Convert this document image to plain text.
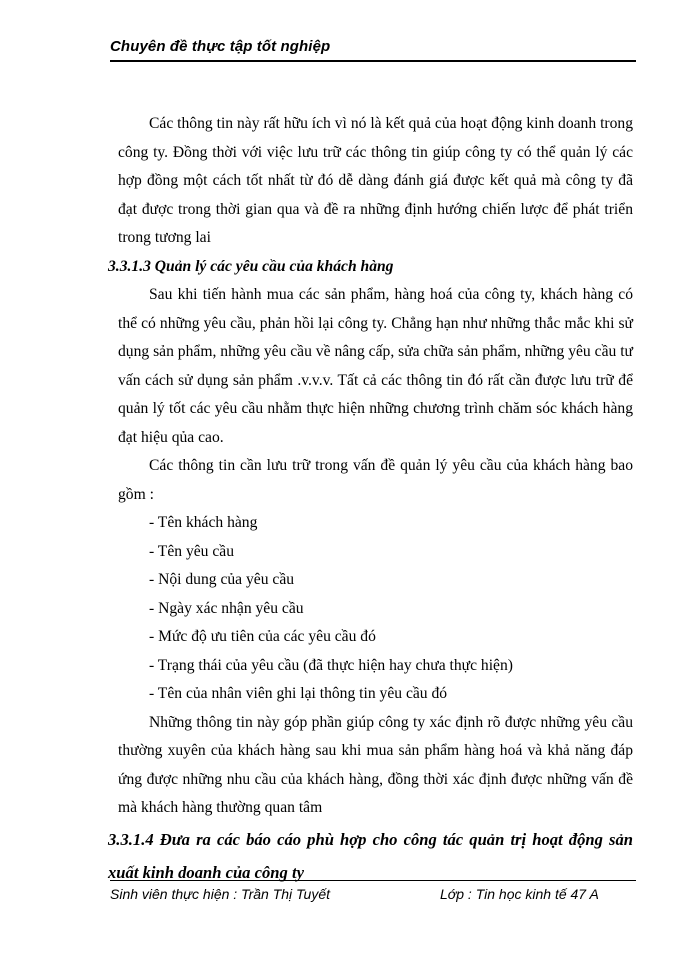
Chuyên đề thực tập tốt nghiệp

Các thông tin này rất hữu ích vì nó là kết quả của hoạt động kinh doanh trong công ty. Đồng thời với việc lưu trữ các thông tin giúp công ty có thể quản lý các hợp đồng một cách tốt nhất từ đó dễ dàng đánh giá được kết quả mà công ty đã đạt được trong thời gian qua và đề ra những định hướng chiến lược để phát triển trong tương lai

3.3.1.3 Quản lý các yêu cầu của khách hàng

Sau khi tiến hành mua các sản phẩm, hàng hoá của công ty, khách hàng có thể có những yêu cầu, phản hồi lại công ty. Chẳng hạn như những thắc mắc khi sử dụng sản phẩm, những yêu cầu về nâng cấp, sửa chữa sản phẩm, những yêu cầu tư vấn cách sử dụng sản phẩm .v.v.v. Tất cả các thông tin đó rất cần được lưu trữ để quản lý tốt các yêu cầu nhằm thực hiện những chương trình chăm sóc khách hàng đạt hiệu qủa cao.

Các thông tin cần lưu trữ trong vấn đề quản lý yêu cầu của khách hàng bao gồm :

- Tên khách hàng
- Tên yêu cầu
- Nội dung của yêu cầu
- Ngày xác nhận yêu cầu
- Mức độ ưu tiên của các yêu cầu đó
- Trạng thái của yêu cầu (đã thực hiện hay chưa thực hiện)
- Tên của nhân viên ghi lại thông tin yêu cầu đó

Những thông tin này góp phần giúp công ty xác định rõ được những yêu cầu thường xuyên của khách hàng sau khi mua sản phẩm hàng hoá và khả năng đáp ứng được những nhu cầu của khách hàng, đồng thời xác định được những vấn đề mà khách hàng thường quan tâm

3.3.1.4 Đưa ra các báo cáo phù hợp cho công tác quản trị hoạt động sản xuất kinh doanh của công ty

Sinh viên thực hiện : Trần Thị Tuyết	Lớp : Tin học kinh tế 47 A
